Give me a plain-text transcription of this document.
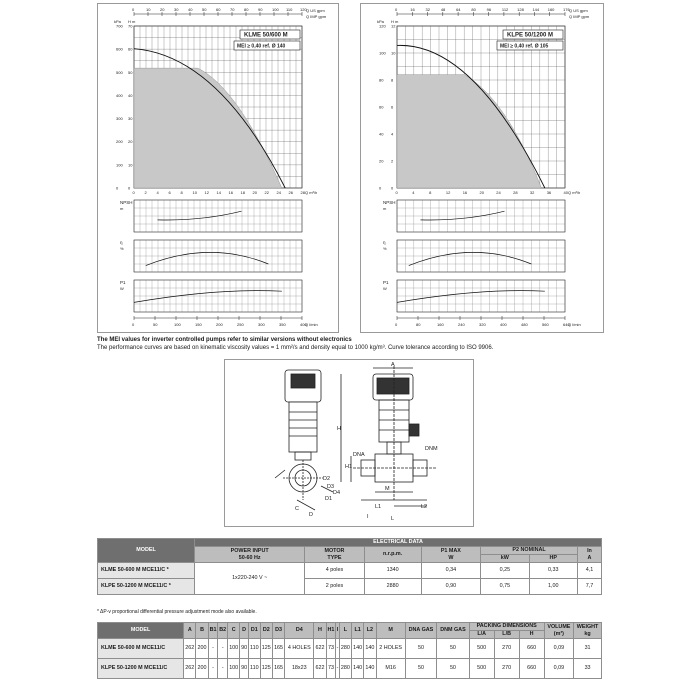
0	10 20 30 40 50 60 70 80 90 100 110 120 Q US gpm
Q IMP gpm
0
10
20
30
40
50
60
70
0
100
200
300
400
500
600
700
0 2 4 6 8 10 12 14 16 18 20 22 24 26 28
H m
kPa
Q m³/h
KLME 50/600 M
MEI ≥ 0,40 ref. Ø 140
NPSH
m
η
%
P1
W
0	50	100	150	200	250	300	350	400
Q l/min
0	16	32	48	64	80	96	112 128 144 160 176 Q US gpm
Q IMP gpm
0
2
4
6
8
10
12
0
20
40
60
80
100
120
0	4	8	12	16	20	24	28	32	36	40
H m
kPa
Q m³/h
KLPE 50/1200 M
MEI ≥ 0,40 ref. Ø 105
NPSH
m
η
%
P1
W
0	80	160	240	320	400	480	560	640
Q l/min
The MEI values for inverter controlled pumps refer to similar versions without electronics
The performance curves are based on kinematic viscosity values = 1 mm²/s and density equal to 1000 kg/m³. Curve tolerance according to ISO 9906.
C
D
D1
D2
D3
D4
A
H
H1
DNA
DNM
M
L1
L
L2
I
MODEL	ELECTRICAL DATA						
	POWER INPUT
50-60 Hz	MOTOR
TYPE	n.r.p.m.	P1 MAX
W	P2 NOMINAL		In
A
					kW	HP	
KLME 50-600 M MCE11/C *	1x220-240 V ~	4 poles	1340	0,34	0,25	0,33	4,1
KLPE 50-1200 M MCE11/C *		2 poles	2880	0,90	0,75	1,00	7,7
* ΔP-v proportional differential pressure adjustment mode also available.
MODEL	A	B	B1	B2	C	D	D1	D2	D3	D4	H	H1	I	L	L1	L2	M	DNA GAS	DNM GAS	PACKING DIMENSIONS			VOLUME
(m³)	WEIGHT
kg
																				L/A	L/B	H		
KLME 50-600 M MCE11/C	262	200	-	-	100	90	110	125	165	4 HOLES	622	73	-	280	140	140	2 HOLES	50	50	500	270	660	0,09	31
KLPE 50-1200 M MCE11/C	262	200	-	-	100	90	110	125	165	18x23	622	73	-	280	140	140	M16	50	50	500	270	660	0,09	33
